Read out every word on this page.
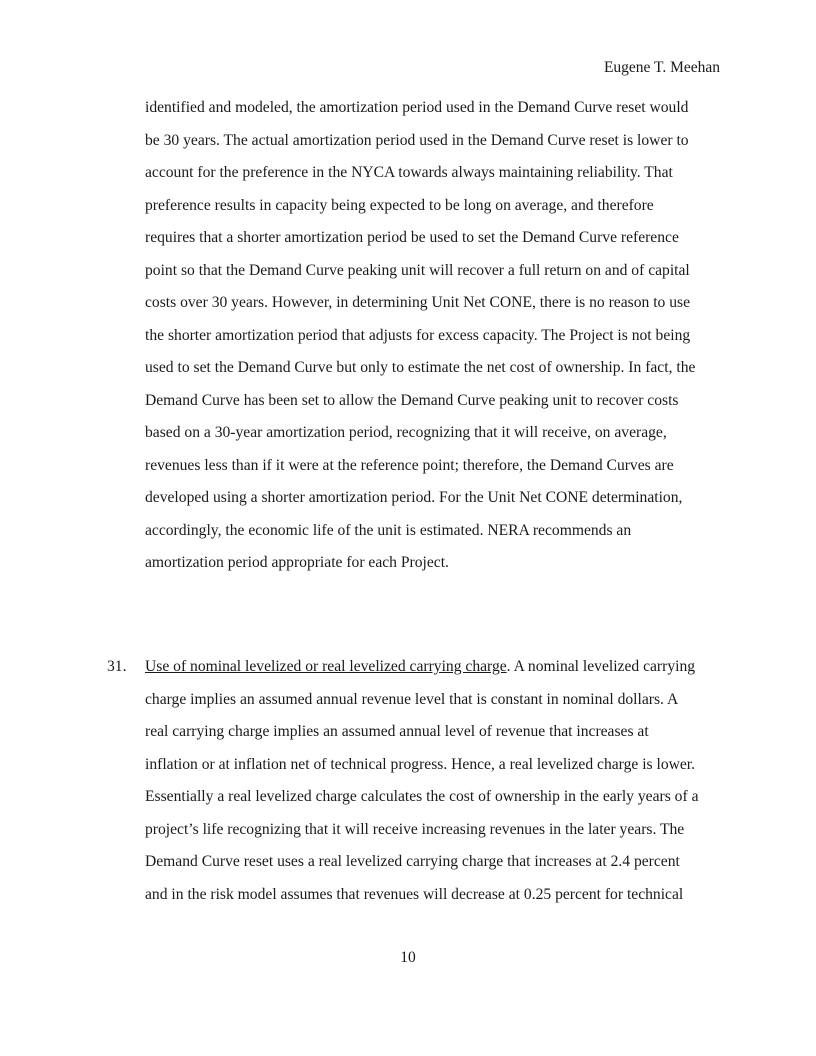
Eugene T. Meehan
identified and modeled, the amortization period used in the Demand Curve reset would
be 30 years. The actual amortization period used in the Demand Curve reset is lower to
account for the preference in the NYCA towards always maintaining reliability. That
preference results in capacity being expected to be long on average, and therefore
requires that a shorter amortization period be used to set the Demand Curve reference
point so that the Demand Curve peaking unit will recover a full return on and of capital
costs over 30 years. However, in determining Unit Net CONE, there is no reason to use
the shorter amortization period that adjusts for excess capacity. The Project is not being
used to set the Demand Curve but only to estimate the net cost of ownership. In fact, the
Demand Curve has been set to allow the Demand Curve peaking unit to recover costs
based on a 30-year amortization period, recognizing that it will receive, on average,
revenues less than if it were at the reference point; therefore, the Demand Curves are
developed using a shorter amortization period. For the Unit Net CONE determination,
accordingly, the economic life of the unit is estimated. NERA recommends an
amortization period appropriate for each Project.
31. Use of nominal levelized or real levelized carrying charge. A nominal levelized carrying
charge implies an assumed annual revenue level that is constant in nominal dollars. A
real carrying charge implies an assumed annual level of revenue that increases at
inflation or at inflation net of technical progress. Hence, a real levelized charge is lower.
Essentially a real levelized charge calculates the cost of ownership in the early years of a
project’s life recognizing that it will receive increasing revenues in the later years. The
Demand Curve reset uses a real levelized carrying charge that increases at 2.4 percent
and in the risk model assumes that revenues will decrease at 0.25 percent for technical
10
